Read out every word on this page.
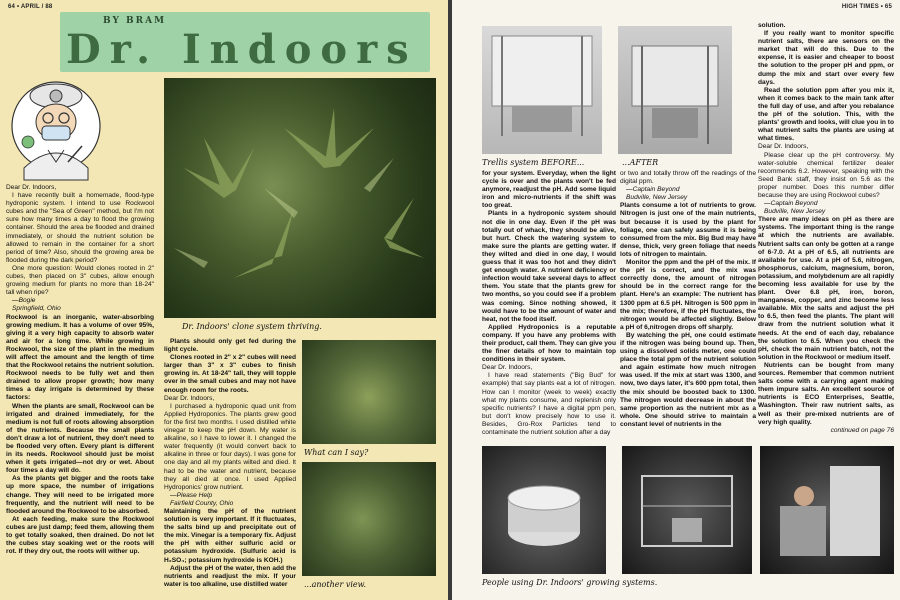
64 • APRIL / 88
BY BRAM
Dr. Indoors
Dr. Indoors' clone system thriving.

Dear Dr. Indoors,

I have recently built a homemade, flood-type hydroponic system. I intend to use Rockwool cubes and the "Sea of Green" method, but I'm not sure how many times a day to flood the growing container. Should the area be flooded and drained immediately, or should the nutrient solution be allowed to remain in the container for a short period of time? Also, should the growing area be flooded during the dark period?

One more question: Would clones rooted in 2" cubes, then placed on 3" cubes, allow enough growing medium for plants no more than 18-24" tall when ripe?

—Bogie

Springfield, Ohio

Rockwool is an inorganic, water-absorbing growing medium. It has a volume of over 95%, giving it a very high capacity to absorb water and air for a long time. While growing in Rockwool, the size of the plant in the medium will affect the amount and the length of time that the Rockwool retains the nutrient solution. Rockwool needs to be fully wet and then drained to allow proper growth; how many times a day irrigate is determined by these factors:

When the plants are small, Rockwool can be irrigated and drained immediately, for the medium is not full of roots allowing absorption of the nutrients. Because the small plants don't draw a lot of nutrient, they don't need to be flooded very often. Every plant is different in its needs. Rockwool should just be moist when it gets irrigated—not dry or wet. About four times a day will do.

As the plants get bigger and the roots take up more space, the number of irrigations change. They will need to be irrigated more frequently, and the nutrient will need to be flooded around the Rockwool to be absorbed.

At each feeding, make sure the Rockwool cubes are just damp; feed them, allowing them to get totally soaked, then drained. Do not let the cubes stay soaking wet or the roots will rot. If they dry out, the roots will wither up.

Plants should only get fed during the light cycle.

Clones rooted in 2" x 2" cubes will need larger than 3" x 3" cubes to finish growing in. At 18-24" tall, they will topple over in the small cubes and may not have enough room for the roots.

Dear Dr. Indoors,

I purchased a hydroponic quad unit from Applied Hydroponics. The plants grew good for the first two months. I used distilled white vinegar to keep the pH down. My water is alkaline, so I have to lower it. I changed the water frequently (it would convert back to alkaline in three or four days). I was gone for one day and all my plants wilted and died. It had to be the water and nutrient, because they all died at once. I used Applied Hydroponics' grow nutrient.

—Please Help

Fairfield County, Ohio

Maintaining the pH of the nutrient solution is very important. If it fluctuates, the salts bind up and precipitate out of the mix. Vinegar is a temporary fix. Adjust the pH with either sulfuric acid or potassium hydroxide. (Sulfuric acid is H₂SO₄; potassium hydroxide is KOH.)

Adjust the pH of the water, then add the nutrients and readjust the mix. If your water is too alkaline, use distilled water

What can I say?
...another view.
HIGH TIMES • 65
Trellis system BEFORE...	...AFTER

for your system. Everyday, when the light cycle is over and the plants won't be fed anymore, readjust the pH. Add some liquid iron and micro-nutrients if the shift was too great.

Plants in a hydroponic system should not die in one day. Even if the pH was totally out of whack, they should be alive, but hurt. Check the watering system to make sure the plants are getting water. If they wilted and died in one day, I would guess that it was too hot and they didn't get enough water. A nutrient deficiency or infection would take several days to affect them. You state that the plants grew for two months, so you could see if a problem was coming. Since nothing showed, it would have to be the amount of water and heat, not the food itself.

Applied Hydroponics is a reputable company. If you have any problems with their product, call them. They can give you the finer details of how to maintain top conditions in their system.

Dear Dr. Indoors,

I have read statements ("Big Bud" for example) that say plants eat a lot of nitrogen. How can I monitor (week to week) exactly what my plants consume, and replenish only specific nutrients? I have a digital ppm pen, but don't know precisely how to use it. Besides, Gro-Rox Particles tend to contaminate the nutrient solution after a day

or two and totally throw off the readings of the digital ppm.

—Captain Beyond

Budville, New Jersey

Plants consume a lot of nutrients to grow. Nitrogen is just one of the main nutrients, but because it is used by the plant for foliage, one can safely assume it is being consumed from the mix. Big Bud may have dense, thick, very green foliage that needs lots of nitrogen to maintain.

Monitor the ppm and the pH of the mix. If the pH is correct, and the mix was correctly done, the amount of nitrogen should be in the correct range for the plant. Here's an example: The nutrient has 1300 ppm at 6.5 pH. Nitrogen is 500 ppm in the mix; therefore, if the pH fluctuates, the nitrogen would be affected slightly. Below a pH of 6,nitrogen drops off sharply.

By watching the pH, one could estimate if the nitrogen was being bound up. Then, using a dissolved solids meter, one could place the total ppm of the nutrient solution and again estimate how much nitrogen was used. If the mix at start was 1300, and now, two days later, it's 600 ppm total, then the mix should be boosted back to 1300. The nitrogen would decrease in about the same proportion as the nutrient mix as a whole. One should strive to maintain a constant level of nutrients in the

solution.

If you really want to monitor specific nutrient salts, there are sensors on the market that will do this. Due to the expense, it is easier and cheaper to boost the solution to the proper pH and ppm, or dump the mix and start over every few days.

Read the solution ppm after you mix it, when it comes back to the main tank after the full day of use, and after you rebalance the pH of the solution. This, with the plants' growth and looks, will clue you in to what nutrient salts the plants are using at what times.

Dear Dr. Indoors,

Please clear up the pH controversy. My water-soluble chemical fertilizer dealer recommends 6.2. However, speaking with the Seed Bank staff, they insist on 5.6 as the proper number. Does this number differ because they are using Rockwool cubes?

—Captain Beyond

Budville, New Jersey

There are many ideas on pH as there are systems. The important thing is the range at which the nutrients are available. Nutrient salts can only be gotten at a range of 6-7.0. At a pH of 6.5, all nutrients are available for use. At a pH of 5.6, nitrogen, phosphorus, calcium, magnesium, boron, potassium, and molybdenum are all rapidly becoming less available for use by the plant. Over 6.8 pH, iron, boron, manganese, copper, and zinc become less available. Mix the salts and adjust the pH to 6.5, then feed the plants. The plant will draw from the nutrient solution what it needs. At the end of each day, rebalance the solution to 6.5. When you check the pH, check the main nutrient batch, not the solution in the Rockwool or medium itself.

Nutrients can be bought from many sources. Remember that common nutrient salts come with a carrying agent making them impure salts. An excellent source of nutrients is ECO Enterprises, Seattle, Washington. Their raw nutrient salts, as well as their pre-mixed nutrients are of very high quality.

continued on page 76

People using Dr. Indoors' growing systems.
